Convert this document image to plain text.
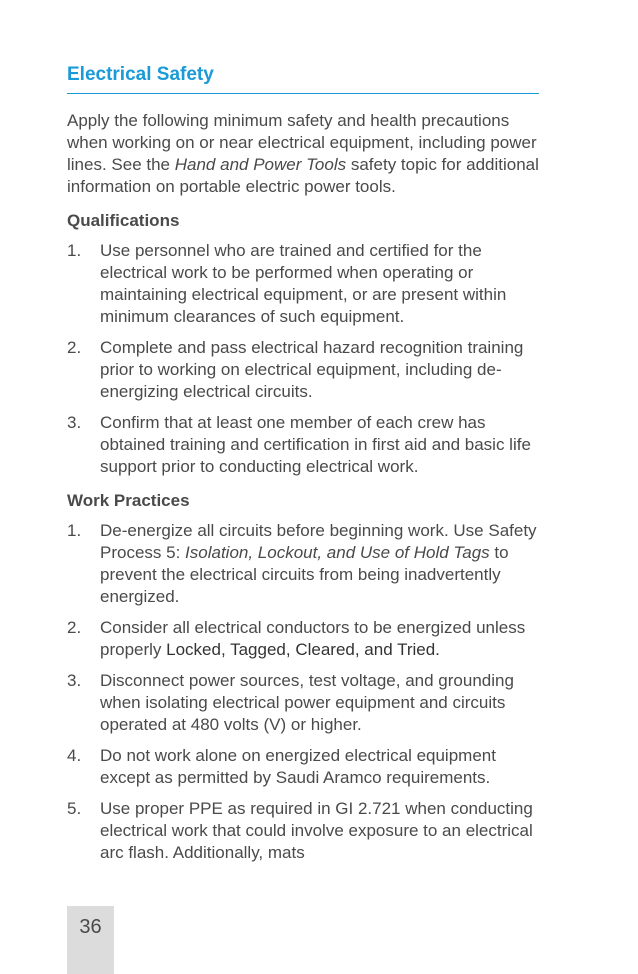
Electrical Safety

Apply the following minimum safety and health precautions when working on or near electrical equipment, including power lines. See the Hand and Power Tools safety topic for additional information on portable electric power tools.

Qualifications
1. Use personnel who are trained and certified for the electrical work to be performed when operating or maintaining electrical equipment, or are present within minimum clearances of such equipment.
2. Complete and pass electrical hazard recognition training prior to working on electrical equipment, including de-energizing electrical circuits.
3. Confirm that at least one member of each crew has obtained training and certification in first aid and basic life support prior to conducting electrical work.
Work Practices
1. De-energize all circuits before beginning work. Use Safety Process 5: Isolation, Lockout, and Use of Hold Tags to prevent the electrical circuits from being inadvertently energized.
2. Consider all electrical conductors to be energized unless properly Locked, Tagged, Cleared, and Tried.
3. Disconnect power sources, test voltage, and grounding when isolating electrical power equipment and circuits operated at 480 volts (V) or higher.
4. Do not work alone on energized electrical equipment except as permitted by Saudi Aramco requirements.
5. Use proper PPE as required in GI 2.721 when conducting electrical work that could involve exposure to an electrical arc flash. Additionally, mats
36
